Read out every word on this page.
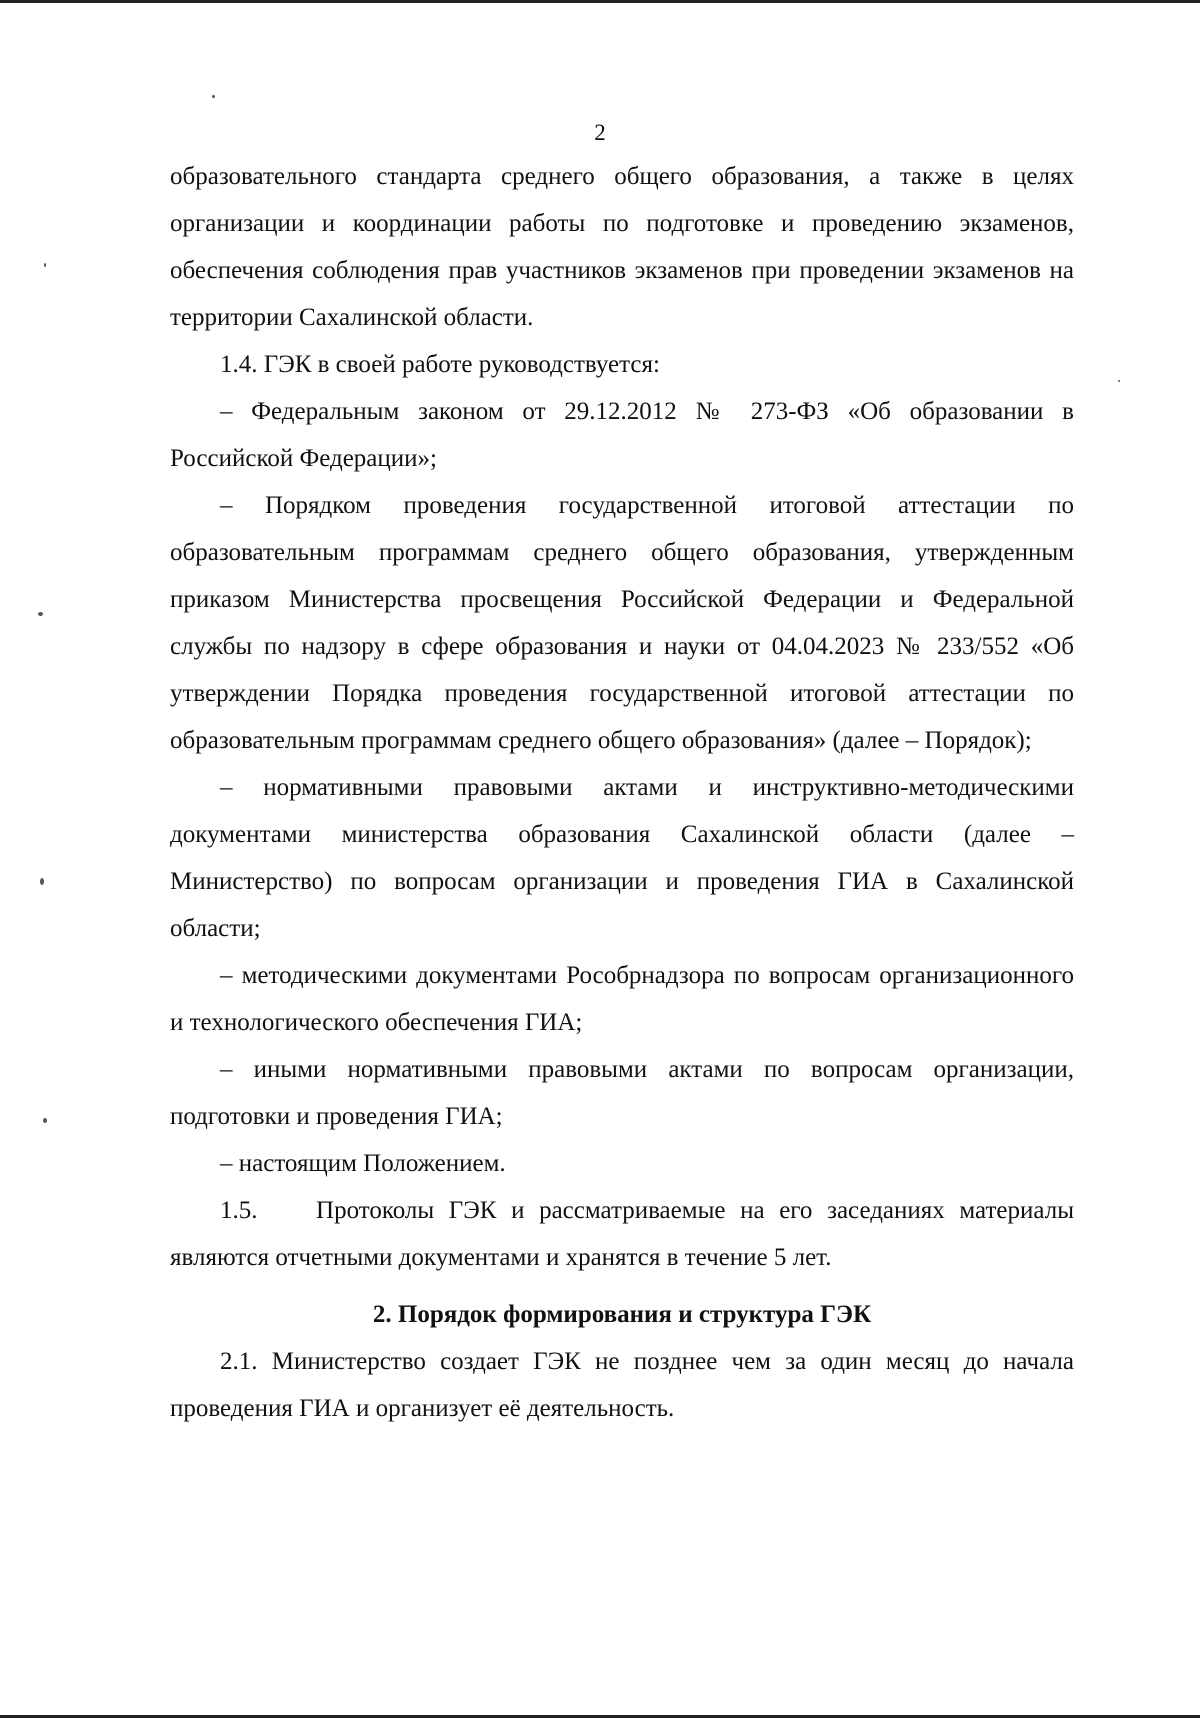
2

образовательного стандарта среднего общего образования, а также в целях организации и координации работы по подготовке и проведению экзаменов, обеспечения соблюдения прав участников экзаменов при проведении экзаменов на территории Сахалинской области.

1.4. ГЭК в своей работе руководствуется:

– Федеральным законом от 29.12.2012 № 273-ФЗ «Об образовании в Российской Федерации»;

– Порядком проведения государственной итоговой аттестации по образовательным программам среднего общего образования, утвержденным приказом Министерства просвещения Российской Федерации и Федеральной службы по надзору в сфере образования и науки от 04.04.2023 № 233/552 «Об утверждении Порядка проведения государственной итоговой аттестации по образовательным программам среднего общего образования» (далее – Порядок);

– нормативными правовыми актами и инструктивно-методическими документами министерства образования Сахалинской области (далее – Министерство) по вопросам организации и проведения ГИА в Сахалинской области;

– методическими документами Рособрнадзора по вопросам организационного и технологического обеспечения ГИА;

– иными нормативными правовыми актами по вопросам организации, подготовки и проведения ГИА;

– настоящим Положением.

1.5.    Протоколы ГЭК и рассматриваемые на его заседаниях материалы являются отчетными документами и хранятся в течение 5 лет.

2. Порядок формирования и структура ГЭК

2.1. Министерство создает ГЭК не позднее чем за один месяц до начала проведения ГИА и организует её деятельность.
